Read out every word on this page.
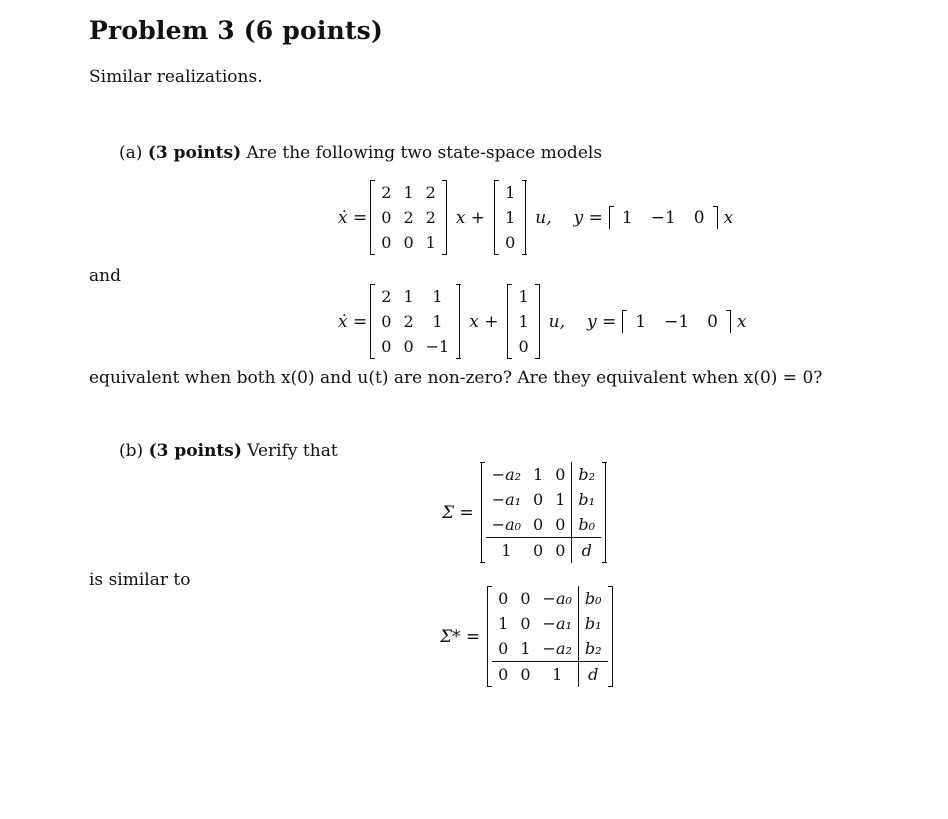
Problem 3 (6 points)
Similar realizations.
(a) (3 points) Are the following two state-space models
ẋ =
2	1	2
0	2	2
0	0	1
x +
1
1
0
u, y = 1 −1 0 x
and
ẋ =
2	1	1
0	2	1
0	0	−1
x +
1
1
0
u, y = 1 −1 0 x
equivalent when both x(0) and u(t) are non-zero? Are they equivalent when x(0) = 0?
(b) (3 points) Verify that
Σ =
−a₂	1	0	b₂
−a₁	0	1	b₁
−a₀	0	0	b₀
1	0	0	d
is similar to
Σ* =
0	0	−a₀	b₀
1	0	−a₁	b₁
0	1	−a₂	b₂
0	0	1	d
